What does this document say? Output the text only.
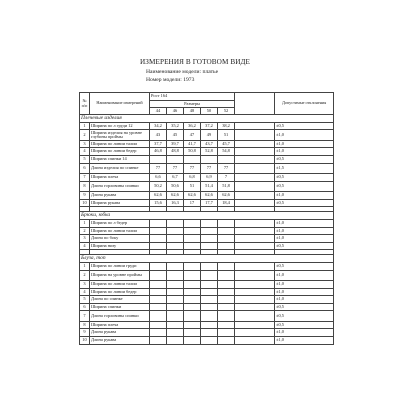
ИЗМЕРЕНИЯ В ГОТОВОМ ВИДЕ
Наименование модели: платье
Номер модели: 1973
№ п/п	Наименование измерений	Рост 164						Допустимые отклонения
		Размеры						
		44	46	48	50	52		
Плечевые изделия								
1	Ширина по л груди 12	34,2	35,2	36,2	37,2	38,2		±0,5
2	Ширина изделия на уровне глубины проймы	43	45	47	49	51		±1,0
3	Ширина по линии талии	37,7	39,7	41,7	43,7	45,7		±1,0
4	Ширина по линии бедер	46,8	48,8	50,8	52,8	54,8		±1,0
5	Ширина спинки 14							±0,5
6	Длина изделия по спинке	77	77	77	77	77		±1,5
7	Ширина плеча	6,6	6,7	6,8	6,9	7		±0,5
8	Длина горловины спинки	50,2	50,6	51	51,4	51,8		±0,5
9	Длина рукава	62,6	62,6	62,6	62,6	62,6		±1,0
10	Ширина рукава	15,6	16,3	17	17,7	18,4		±0,5

Брюки, юбка								
1	Ширина по л бедер							±1,0
2	Ширина по линии талии							±1,0
3	Длина по боку							±1,0
4	Ширина низу							±0,5

Блуза, топ								
1	Ширина по линии груди							±0,5
2	Ширина на уровне проймы							±1,0
3	Ширина по линии талии							±1,0
4	Ширина по линии бедер							±1,0
5	Длина по спинке							±1,0
6	Ширина спинки							±0,5
7	Длина горловины спинки							±0,5
8	Ширина плеча							±0,5
9	Длина рукава							±1,0
10	Длина рукава							±1,0
